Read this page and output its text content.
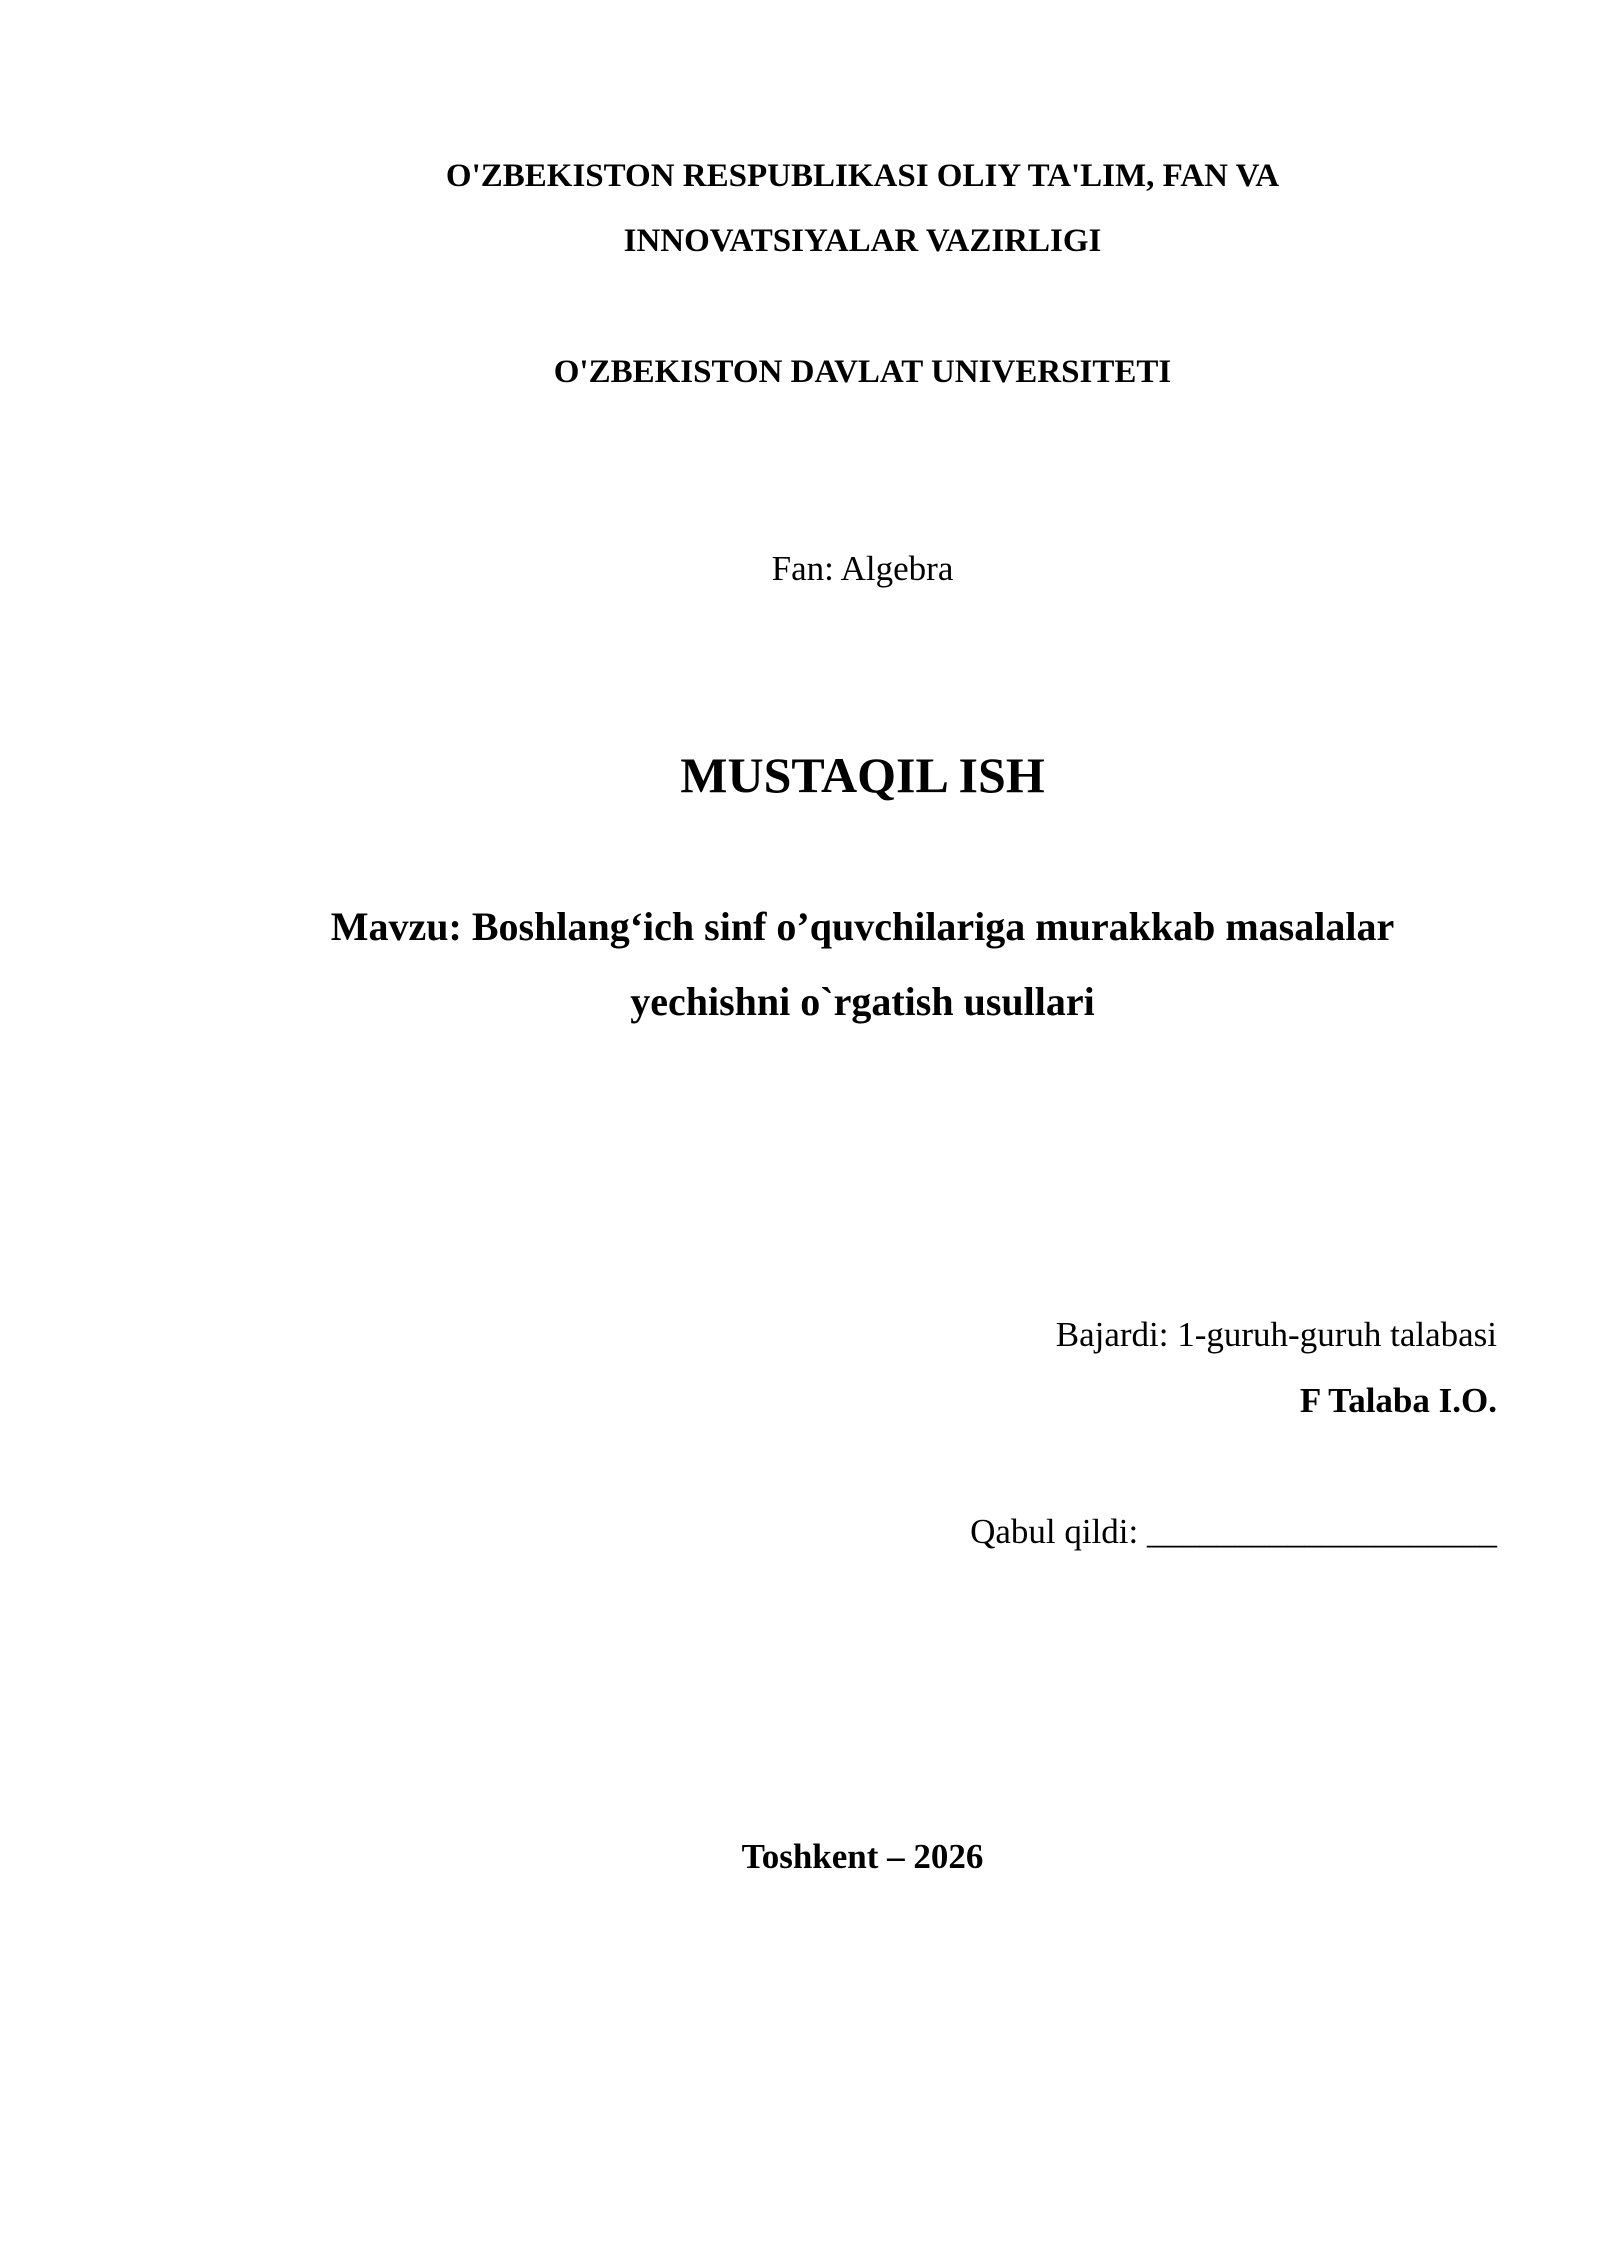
O'ZBEKISTON RESPUBLIKASI OLIY TA'LIM, FAN VA
INNOVATSIYALAR VAZIRLIGI
O'ZBEKISTON DAVLAT UNIVERSITETI
Fan: Algebra
MUSTAQIL ISH
Mavzu: Boshlang‘ich sinf o’quvchilariga murakkab masalalar
yechishni o`rgatish usullari
Bajardi: 1-guruh-guruh talabasi
F Talaba I.O.
Qabul qildi: ____________________
Toshkent – 2026
